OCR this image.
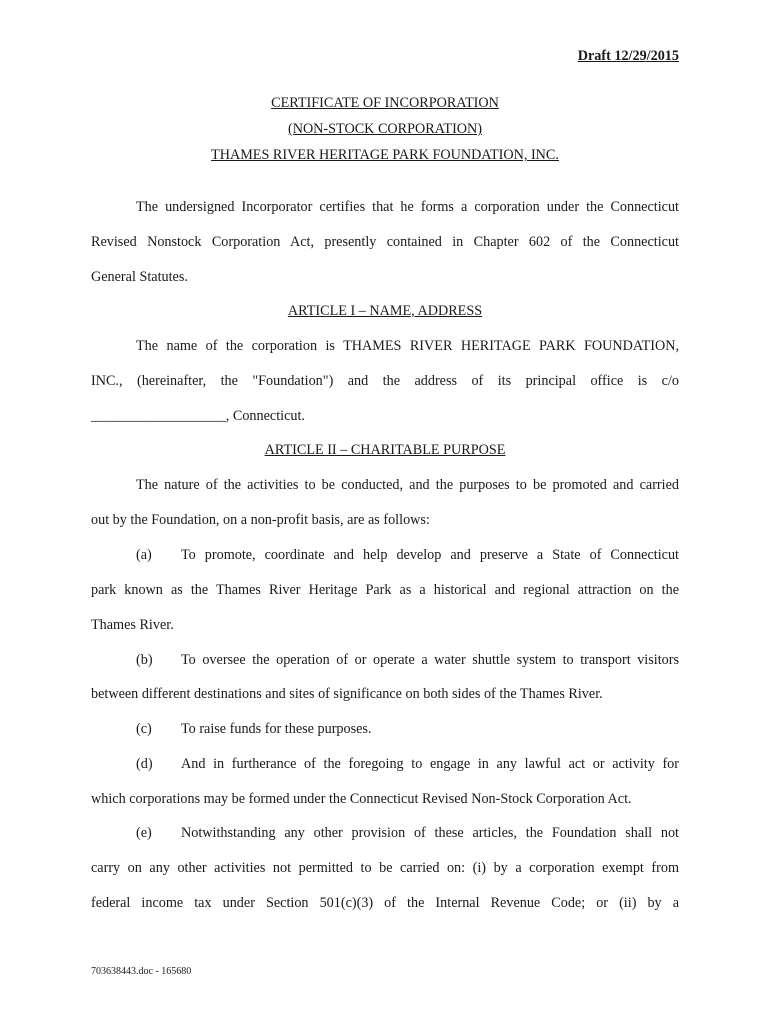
Draft 12/29/2015
CERTIFICATE OF INCORPORATION
(NON-STOCK CORPORATION)
THAMES RIVER HERITAGE PARK FOUNDATION, INC.
The undersigned Incorporator certifies that he forms a corporation under the Connecticut
Revised Nonstock Corporation Act, presently contained in Chapter 602 of the Connecticut
General Statutes.
ARTICLE I – NAME, ADDRESS
The name of the corporation is THAMES RIVER HERITAGE PARK FOUNDATION,
INC., (hereinafter, the "Foundation") and the address of its principal office is c/o
___________________, Connecticut.
ARTICLE II – CHARITABLE PURPOSE
The nature of the activities to be conducted, and the purposes to be promoted and carried
out by the Foundation, on a non-profit basis, are as follows:
(a) To promote, coordinate and help develop and preserve a State of Connecticut
park known as the Thames River Heritage Park as a historical and regional attraction on the
Thames River.
(b) To oversee the operation of or operate a water shuttle system to transport visitors
between different destinations and sites of significance on both sides of the Thames River.
(c) To raise funds for these purposes.
(d) And in furtherance of the foregoing to engage in any lawful act or activity for
which corporations may be formed under the Connecticut Revised Non-Stock Corporation Act.
(e) Notwithstanding any other provision of these articles, the Foundation shall not
carry on any other activities not permitted to be carried on: (i) by a corporation exempt from
federal income tax under Section 501(c)(3) of the Internal Revenue Code; or (ii) by a
703638443.doc - 165680
